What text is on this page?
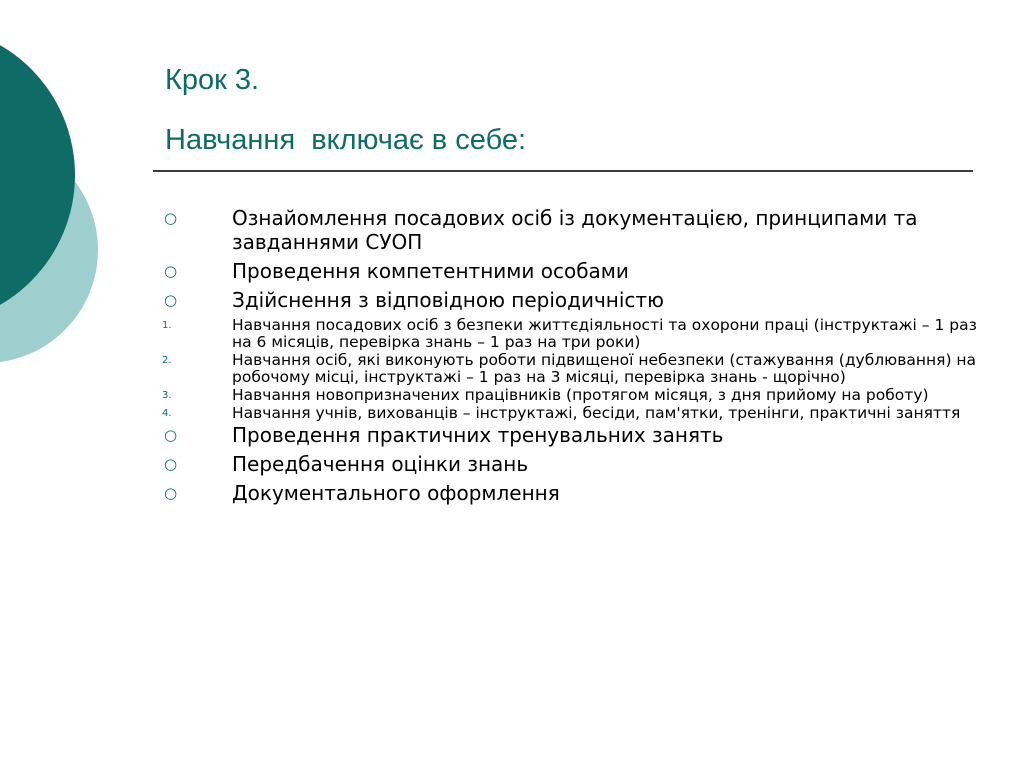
Крок 3.
Навчання  включає в себе:
○	Ознайомлення посадових осіб із документацією, принципами та завданнями СУОП
○	Проведення компетентними особами
○	Здійснення з відповідною періодичністю
1.	Навчання посадових осіб з безпеки життєдіяльності та охорони праці (інструктажі – 1 раз на 6 місяців, перевірка знань – 1 раз на три роки)
2.	Навчання осіб, які виконують роботи підвищеної небезпеки (стажування (дублювання) на робочому місці, інструктажі – 1 раз на 3 місяці, перевірка знань - щорічно)
3.	Навчання новопризначених працівників (протягом місяця, з дня прийому на роботу)
4.	Навчання учнів, вихованців – інструктажі, бесіди, пам'ятки, тренінги, практичні заняття
○	Проведення практичних тренувальних занять
○	Передбачення оцінки знань
○	Документального оформлення
